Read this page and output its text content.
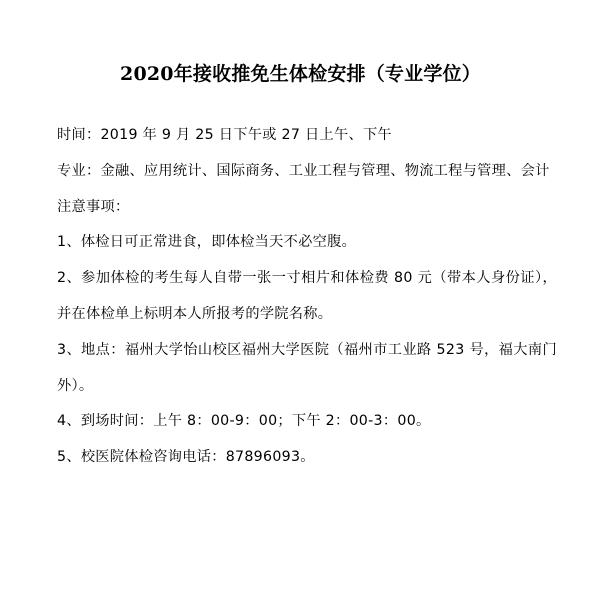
2020年接收推免生体检安排（专业学位）

时间：2019 年 9 月 25 日下午或 27 日上午、下午

专业：金融、应用统计、国际商务、工业工程与管理、物流工程与管理、会计

注意事项：

1、体检日可正常进食，即体检当天不必空腹。

2、参加体检的考生每人自带一张一寸相片和体检费 80 元（带本人身份证），并在体检单上标明本人所报考的学院名称。

3、地点：福州大学怡山校区福州大学医院（福州市工业路 523 号，福大南门外）。

4、到场时间：上午 8：00-9：00；下午 2：00-3：00。

5、校医院体检咨询电话：87896093。
